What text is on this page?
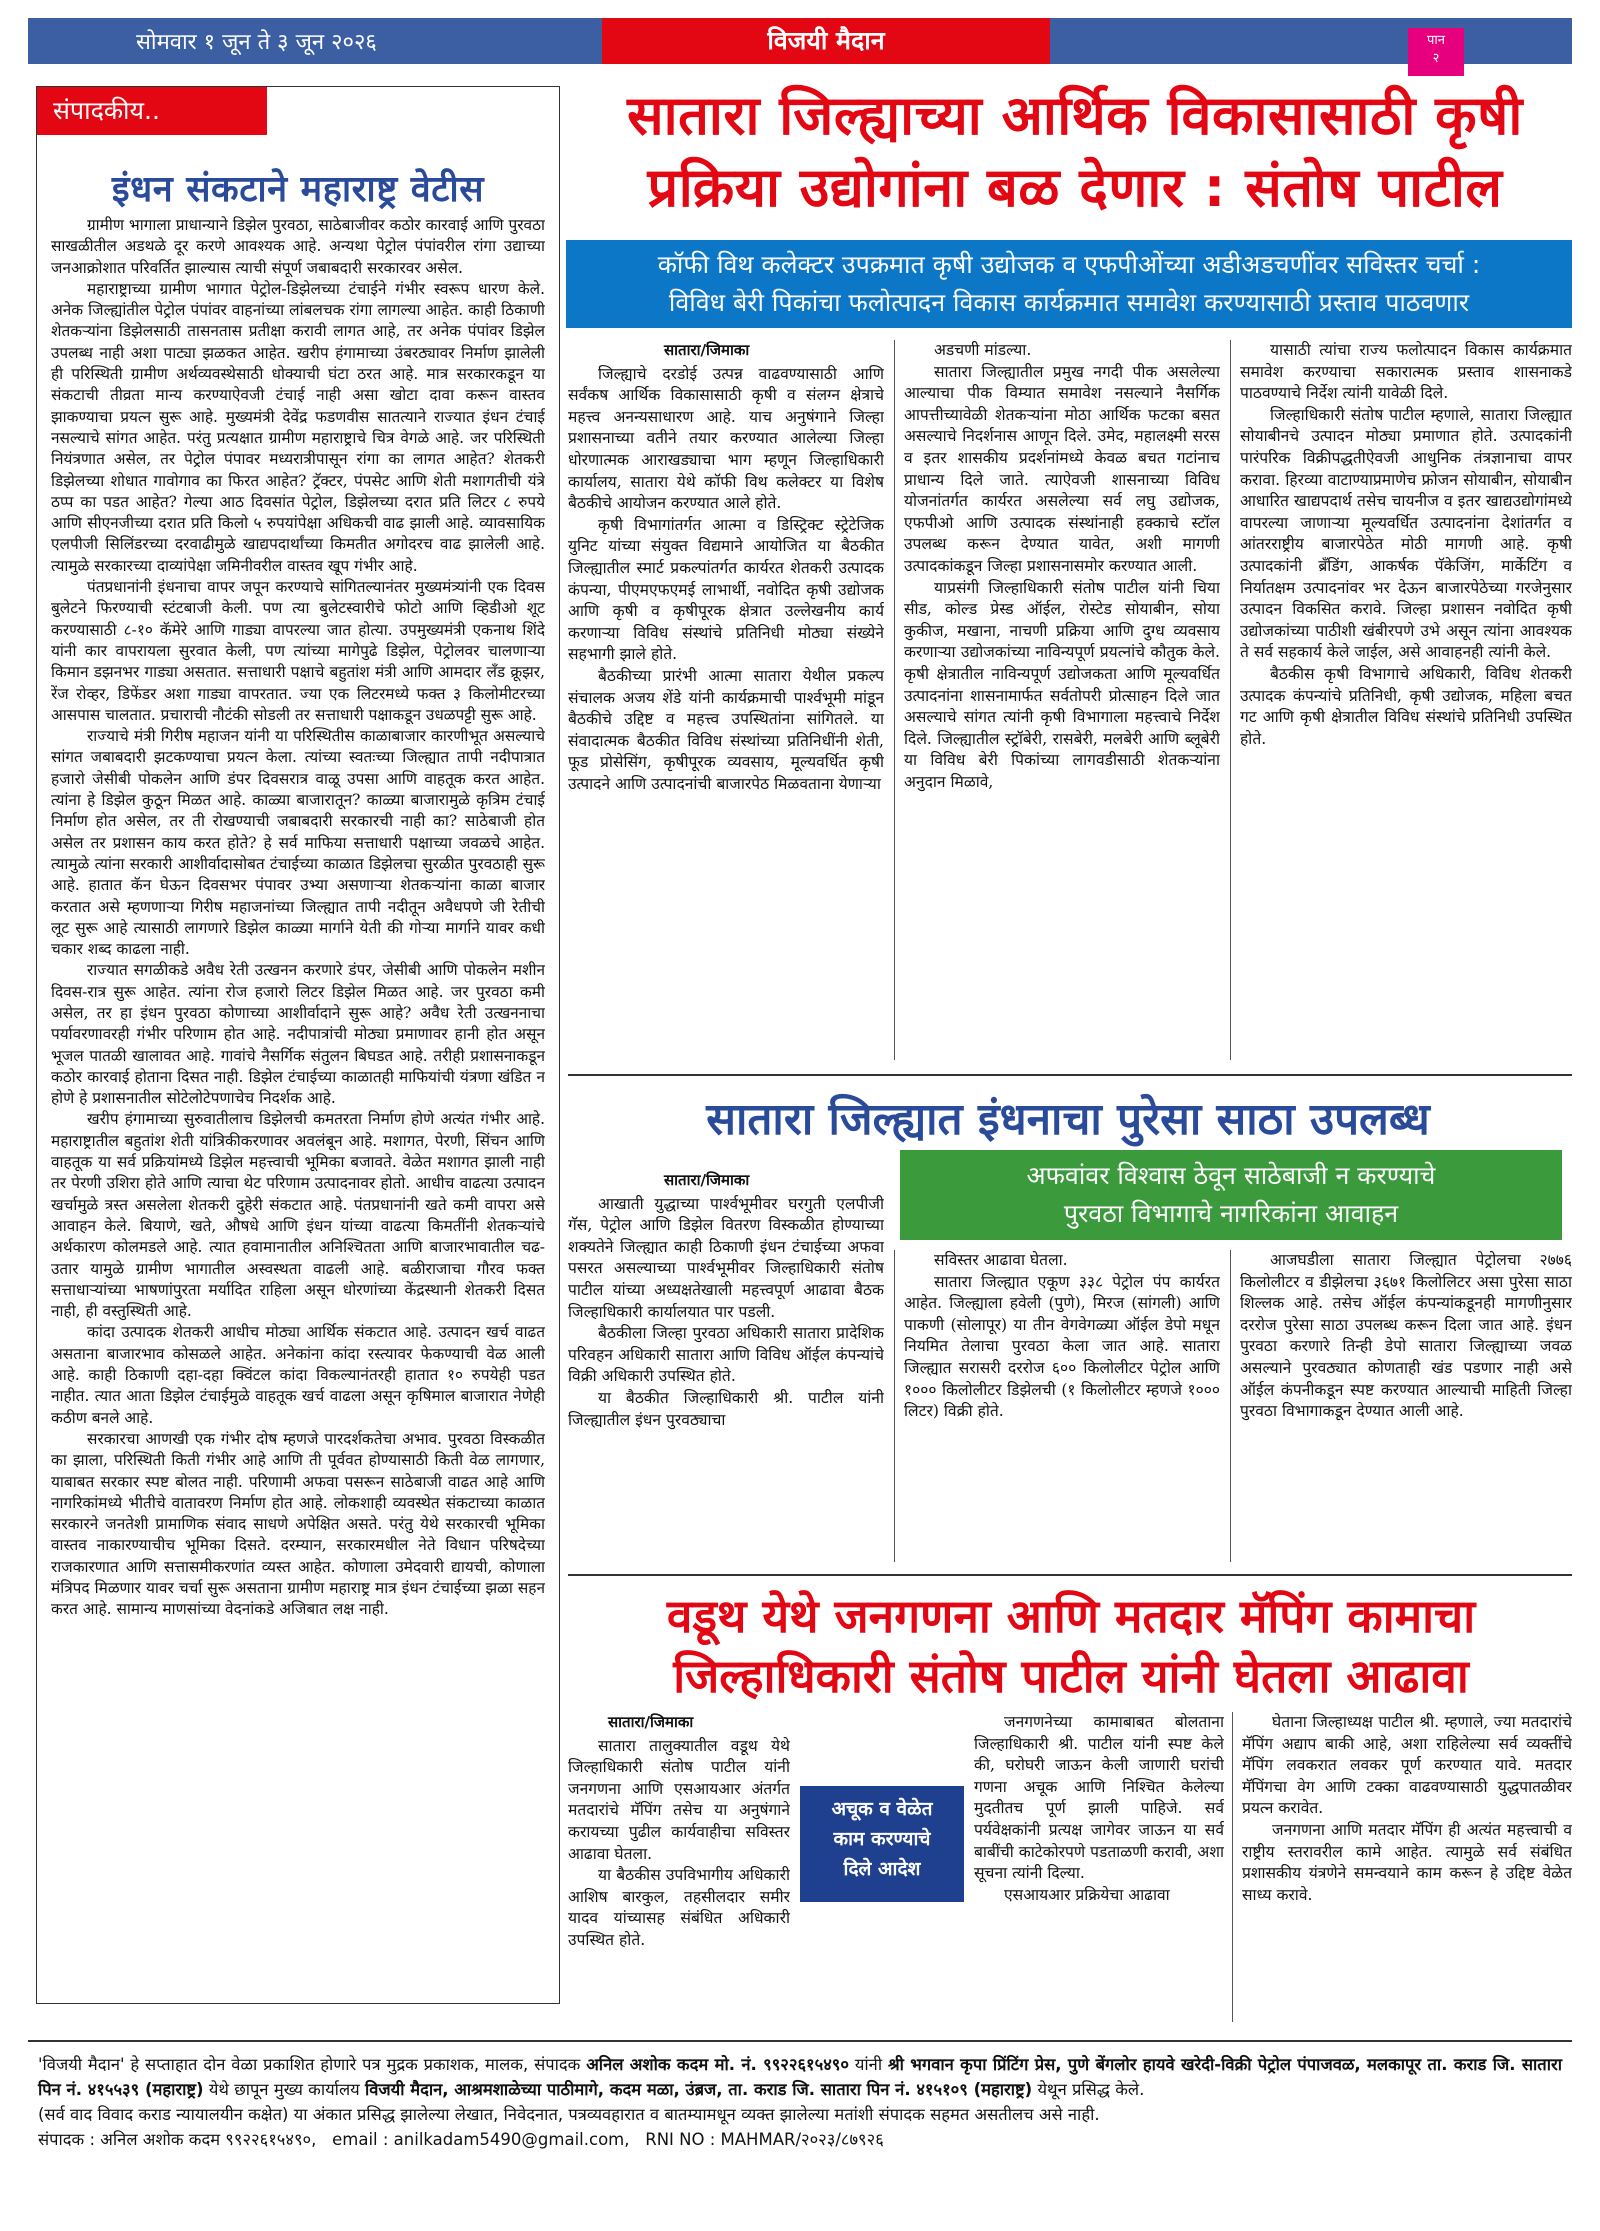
सोमवार १ जून ते ३ जून २०२६	विजयी मैदान	पान
२
संपादकीय..
इंधन संकटाने महाराष्ट्र वेटीस

ग्रामीण भागाला प्राधान्याने डिझेल पुरवठा, साठेबाजीवर कठोर कारवाई आणि पुरवठा साखळीतील अडथळे दूर करणे आवश्यक आहे. अन्यथा पेट्रोल पंपांवरील रांगा उद्याच्या जनआक्रोशात परिवर्तित झाल्यास त्याची संपूर्ण जबाबदारी सरकारवर असेल.

महाराष्ट्राच्या ग्रामीण भागात पेट्रोल-डिझेलच्या टंचाईने गंभीर स्वरूप धारण केले. अनेक जिल्ह्यांतील पेट्रोल पंपांवर वाहनांच्या लांबलचक रांगा लागल्या आहेत. काही ठिकाणी शेतकऱ्यांना डिझेलसाठी तासनतास प्रतीक्षा करावी लागत आहे, तर अनेक पंपांवर डिझेल उपलब्ध नाही अशा पाट्या झळकत आहेत. खरीप हंगामाच्या उंबरठ्यावर निर्माण झालेली ही परिस्थिती ग्रामीण अर्थव्यवस्थेसाठी धोक्याची घंटा ठरत आहे. मात्र सरकारकडून या संकटाची तीव्रता मान्य करण्याऐवजी टंचाई नाही असा खोटा दावा करून वास्तव झाकण्याचा प्रयत्न सुरू आहे. मुख्यमंत्री देवेंद्र फडणवीस सातत्याने राज्यात इंधन टंचाई नसल्याचे सांगत आहेत. परंतु प्रत्यक्षात ग्रामीण महाराष्ट्राचे चित्र वेगळे आहे. जर परिस्थिती नियंत्रणात असेल, तर पेट्रोल पंपावर मध्यरात्रीपासून रांगा का लागत आहेत? शेतकरी डिझेलच्या शोधात गावोगाव का फिरत आहेत? ट्रॅक्टर, पंपसेट आणि शेती मशागतीची यंत्रे ठप्प का पडत आहेत? गेल्या आठ दिवसांत पेट्रोल, डिझेलच्या दरात प्रति लिटर ८ रुपये आणि सीएनजीच्या दरात प्रति किलो ५ रुपयांपेक्षा अधिकची वाढ झाली आहे. व्यावसायिक एलपीजी सिलिंडरच्या दरवाढीमुळे खाद्यपदार्थांच्या किमतीत अगोदरच वाढ झालेली आहे. त्यामुळे सरकारच्या दाव्यांपेक्षा जमिनीवरील वास्तव खूप गंभीर आहे.

पंतप्रधानांनी इंधनाचा वापर जपून करण्याचे सांगितल्यानंतर मुख्यमंत्र्यांनी एक दिवस बुलेटने फिरण्याची स्टंटबाजी केली. पण त्या बुलेटस्वारीचे फोटो आणि व्हिडीओ शूट करण्यासाठी ८-१० कॅमेरे आणि गाड्या वापरल्या जात होत्या. उपमुख्यमंत्री एकनाथ शिंदे यांनी कार वापरायला सुरवात केली, पण त्यांच्या मागेपुढे डिझेल, पेट्रोलवर चालणाऱ्या किमान डझनभर गाड्या असतात. सत्ताधारी पक्षाचे बहुतांश मंत्री आणि आमदार लँड क्रूझर, रेंज रोव्हर, डिफेंडर अशा गाड्या वापरतात. ज्या एक लिटरमध्ये फक्त ३ किलोमीटरच्या आसपास चालतात. प्रचाराची नौटंकी सोडली तर सत्ताधारी पक्षाकडून उधळपट्टी सुरू आहे.

राज्याचे मंत्री गिरीष महाजन यांनी या परिस्थितीस काळाबाजार कारणीभूत असल्याचे सांगत जबाबदारी झटकण्याचा प्रयत्न केला. त्यांच्या स्वतःच्या जिल्ह्यात तापी नदीपात्रात हजारो जेसीबी पोकलेन आणि डंपर दिवसरात्र वाळू उपसा आणि वाहतूक करत आहेत. त्यांना हे डिझेल कुठून मिळत आहे. काळ्या बाजारातून? काळ्या बाजारामुळे कृत्रिम टंचाई निर्माण होत असेल, तर ती रोखण्याची जबाबदारी सरकारची नाही का? साठेबाजी होत असेल तर प्रशासन काय करत होते? हे सर्व माफिया सत्ताधारी पक्षाच्या जवळचे आहेत. त्यामुळे त्यांना सरकारी आशीर्वादासोबत टंचाईच्या काळात डिझेलचा सुरळीत पुरवठाही सुरू आहे. हातात कॅन घेऊन दिवसभर पंपावर उभ्या असणाऱ्या शेतकऱ्यांना काळा बाजार करतात असे म्हणणाऱ्या गिरीष महाजनांच्या जिल्ह्यात तापी नदीतून अवैधपणे जी रेतीची लूट सुरू आहे त्यासाठी लागणारे डिझेल काळ्या मार्गाने येती की गोऱ्या मार्गाने यावर कधी चकार शब्द काढला नाही.

राज्यात सगळीकडे अवैध रेती उत्खनन करणारे डंपर, जेसीबी आणि पोकलेन मशीन दिवस-रात्र सुरू आहेत. त्यांना रोज हजारो लिटर डिझेल मिळत आहे. जर पुरवठा कमी असेल, तर हा इंधन पुरवठा कोणाच्या आशीर्वादाने सुरू आहे? अवैध रेती उत्खननाचा पर्यावरणावरही गंभीर परिणाम होत आहे. नदीपात्रांची मोठ्या प्रमाणावर हानी होत असून भूजल पातळी खालावत आहे. गावांचे नैसर्गिक संतुलन बिघडत आहे. तरीही प्रशासनाकडून कठोर कारवाई होताना दिसत नाही. डिझेल टंचाईच्या काळातही माफियांची यंत्रणा खंडित न होणे हे प्रशासनातील सोटेलोटेपणाचेच निदर्शक आहे.

खरीप हंगामाच्या सुरुवातीलाच डिझेलची कमतरता निर्माण होणे अत्यंत गंभीर आहे. महाराष्ट्रातील बहुतांश शेती यांत्रिकीकरणावर अवलंबून आहे. मशागत, पेरणी, सिंचन आणि वाहतूक या सर्व प्रक्रियांमध्ये डिझेल महत्त्वाची भूमिका बजावते. वेळेत मशागत झाली नाही तर पेरणी उशिरा होते आणि त्याचा थेट परिणाम उत्पादनावर होतो. आधीच वाढत्या उत्पादन खर्चामुळे त्रस्त असलेला शेतकरी दुहेरी संकटात आहे. पंतप्रधानांनी खते कमी वापरा असे आवाहन केले. बियाणे, खते, औषधे आणि इंधन यांच्या वाढत्या किमतींनी शेतकऱ्यांचे अर्थकारण कोलमडले आहे. त्यात हवामानातील अनिश्चितता आणि बाजारभावातील चढ-उतार यामुळे ग्रामीण भागातील अस्वस्थता वाढली आहे. बळीराजाचा गौरव फक्त सत्ताधाऱ्यांच्या भाषणांपुरता मर्यादित राहिला असून धोरणांच्या केंद्रस्थानी शेतकरी दिसत नाही, ही वस्तुस्थिती आहे.

कांदा उत्पादक शेतकरी आधीच मोठ्या आर्थिक संकटात आहे. उत्पादन खर्च वाढत असताना बाजारभाव कोसळले आहेत. अनेकांना कांदा रस्त्यावर फेकण्याची वेळ आली आहे. काही ठिकाणी दहा-दहा क्विंटल कांदा विकल्यानंतरही हातात १० रुपयेही पडत नाहीत. त्यात आता डिझेल टंचाईमुळे वाहतूक खर्च वाढला असून कृषिमाल बाजारात नेणेही कठीण बनले आहे.

सरकारचा आणखी एक गंभीर दोष म्हणजे पारदर्शकतेचा अभाव. पुरवठा विस्कळीत का झाला, परिस्थिती किती गंभीर आहे आणि ती पूर्ववत होण्यासाठी किती वेळ लागणार, याबाबत सरकार स्पष्ट बोलत नाही. परिणामी अफवा पसरून साठेबाजी वाढत आहे आणि नागरिकांमध्ये भीतीचे वातावरण निर्माण होत आहे. लोकशाही व्यवस्थेत संकटाच्या काळात सरकारने जनतेशी प्रामाणिक संवाद साधणे अपेक्षित असते. परंतु येथे सरकारची भूमिका वास्तव नाकारण्याचीच भूमिका दिसते. दरम्यान, सरकारमधील नेते विधान परिषदेच्या राजकारणात आणि सत्तासमीकरणांत व्यस्त आहेत. कोणाला उमेदवारी द्यायची, कोणाला मंत्रिपद मिळणार यावर चर्चा सुरू असताना ग्रामीण महाराष्ट्र मात्र इंधन टंचाईच्या झळा सहन करत आहे. सामान्य माणसांच्या वेदनांकडे अजिबात लक्ष नाही.

सातारा जिल्ह्याच्या आर्थिक विकासासाठी कृषी
प्रक्रिया उद्योगांना बळ देणार : संतोष पाटील
कॉफी विथ कलेक्टर उपक्रमात कृषी उद्योजक व एफपीओंच्या अडीअडचणींवर सविस्तर चर्चा :
विविध बेरी पिकांचा फलोत्पादन विकास कार्यक्रमात समावेश करण्यासाठी प्रस्ताव पाठवणार

सातारा/जिमाका

जिल्ह्याचे दरडोई उत्पन्न वाढवण्यासाठी आणि सर्वंकष आर्थिक विकासासाठी कृषी व संलग्न क्षेत्राचे महत्त्व अनन्यसाधारण आहे. याच अनुषंगाने जिल्हा प्रशासनाच्या वतीने तयार करण्यात आलेल्या जिल्हा धोरणात्मक आराखड्याचा भाग म्हणून जिल्हाधिकारी कार्यालय, सातारा येथे कॉफी विथ कलेक्टर या विशेष बैठकीचे आयोजन करण्यात आले होते.

कृषी विभागांतर्गत आत्मा व डिस्ट्रिक्ट स्ट्रेटेजिक युनिट यांच्या संयुक्त विद्यमाने आयोजित या बैठकीत जिल्ह्यातील स्मार्ट प्रकल्पांतर्गत कार्यरत शेतकरी उत्पादक कंपन्या, पीएमएफएमई लाभार्थी, नवोदित कृषी उद्योजक आणि कृषी व कृषीपूरक क्षेत्रात उल्लेखनीय कार्य करणाऱ्या विविध संस्थांचे प्रतिनिधी मोठ्या संख्येने सहभागी झाले होते.

बैठकीच्या प्रारंभी आत्मा सातारा येथील प्रकल्प संचालक अजय शेंडे यांनी कार्यक्रमाची पार्श्वभूमी मांडून बैठकीचे उद्दिष्ट व महत्त्व उपस्थितांना सांगितले. या संवादात्मक बैठकीत विविध संस्थांच्या प्रतिनिधींनी शेती, फूड प्रोसेसिंग, कृषीपूरक व्यवसाय, मूल्यवर्धित कृषी उत्पादने आणि उत्पादनांची बाजारपेठ मिळवताना येणाऱ्या

अडचणी मांडल्या.

सातारा जिल्ह्यातील प्रमुख नगदी पीक असलेल्या आल्याचा पीक विम्यात समावेश नसल्याने नैसर्गिक आपत्तीच्यावेळी शेतकऱ्यांना मोठा आर्थिक फटका बसत असल्याचे निदर्शनास आणून दिले. उमेद, महालक्ष्मी सरस व इतर शासकीय प्रदर्शनांमध्ये केवळ बचत गटांनाच प्राधान्य दिले जाते. त्याऐवजी शासनाच्या विविध योजनांतर्गत कार्यरत असलेल्या सर्व लघु उद्योजक, एफपीओ आणि उत्पादक संस्थांनाही हक्काचे स्टॉल उपलब्ध करून देण्यात यावेत, अशी मागणी उत्पादकांकडून जिल्हा प्रशासनासमोर करण्यात आली.

याप्रसंगी जिल्हाधिकारी संतोष पाटील यांनी चिया सीड, कोल्ड प्रेस्ड ऑईल, रोस्टेड सोयाबीन, सोया कुकीज, मखाना, नाचणी प्रक्रिया आणि दुग्ध व्यवसाय करणाऱ्या उद्योजकांच्या नाविन्यपूर्ण प्रयत्नांचे कौतुक केले. कृषी क्षेत्रातील नाविन्यपूर्ण उद्योजकता आणि मूल्यवर्धित उत्पादनांना शासनामार्फत सर्वतोपरी प्रोत्साहन दिले जात असल्याचे सांगत त्यांनी कृषी विभागाला महत्त्वाचे निर्देश दिले. जिल्ह्यातील स्ट्रॉबेरी, रासबेरी, मलबेरी आणि ब्लूबेरी या विविध बेरी पिकांच्या लागवडीसाठी शेतकऱ्यांना अनुदान मिळावे,

यासाठी त्यांचा राज्य फलोत्पादन विकास कार्यक्रमात समावेश करण्याचा सकारात्मक प्रस्ताव शासनाकडे पाठवण्याचे निर्देश त्यांनी यावेळी दिले.

जिल्हाधिकारी संतोष पाटील म्हणाले, सातारा जिल्ह्यात सोयाबीनचे उत्पादन मोठ्या प्रमाणात होते. उत्पादकांनी पारंपरिक विक्रीपद्धतीऐवजी आधुनिक तंत्रज्ञानाचा वापर करावा. हिरव्या वाटाण्याप्रमाणेच फ्रोजन सोयाबीन, सोयाबीन आधारित खाद्यपदार्थ तसेच चायनीज व इतर खाद्यउद्योगांमध्ये वापरल्या जाणाऱ्या मूल्यवर्धित उत्पादनांना देशांतर्गत व आंतरराष्ट्रीय बाजारपेठेत मोठी मागणी आहे. कृषी उत्पादकांनी ब्रँडिंग, आकर्षक पॅकेजिंग, मार्केटिंग व निर्यातक्षम उत्पादनांवर भर देऊन बाजारपेठेच्या गरजेनुसार उत्पादन विकसित करावे. जिल्हा प्रशासन नवोदित कृषी उद्योजकांच्या पाठीशी खंबीरपणे उभे असून त्यांना आवश्यक ते सर्व सहकार्य केले जाईल, असे आवाहनही त्यांनी केले.

बैठकीस कृषी विभागाचे अधिकारी, विविध शेतकरी उत्पादक कंपन्यांचे प्रतिनिधी, कृषी उद्योजक, महिला बचत गट आणि कृषी क्षेत्रातील विविध संस्थांचे प्रतिनिधी उपस्थित होते.

सातारा जिल्ह्यात इंधनाचा पुरेसा साठा उपलब्ध
अफवांवर विश्वास ठेवून साठेबाजी न करण्याचे
पुरवठा विभागाचे नागरिकांना आवाहन

सातारा/जिमाका

आखाती युद्धाच्या पार्श्वभूमीवर घरगुती एलपीजी गॅस, पेट्रोल आणि डिझेल वितरण विस्कळीत होण्याच्या शक्यतेने जिल्ह्यात काही ठिकाणी इंधन टंचाईच्या अफवा पसरत असल्याच्या पार्श्वभूमीवर जिल्हाधिकारी संतोष पाटील यांच्या अध्यक्षतेखाली महत्त्वपूर्ण आढावा बैठक जिल्हाधिकारी कार्यालयात पार पडली.

बैठकीला जिल्हा पुरवठा अधिकारी सातारा प्रादेशिक परिवहन अधिकारी सातारा आणि विविध ऑईल कंपन्यांचे विक्री अधिकारी उपस्थित होते.

या बैठकीत जिल्हाधिकारी श्री. पाटील यांनी जिल्ह्यातील इंधन पुरवठ्याचा

सविस्तर आढावा घेतला.

सातारा जिल्ह्यात एकूण ३३८ पेट्रोल पंप कार्यरत आहेत. जिल्ह्याला हवेली (पुणे), मिरज (सांगली) आणि पाकणी (सोलापूर) या तीन वेगवेगळ्या ऑईल डेपो मधून नियमित तेलाचा पुरवठा केला जात आहे. सातारा जिल्ह्यात सरासरी दररोज ६०० किलोलीटर पेट्रोल आणि १००० किलोलीटर डिझेलची (१ किलोलीटर म्हणजे १००० लिटर) विक्री होते.

आजघडीला सातारा जिल्ह्यात पेट्रोलचा २७७६ किलोलीटर व डीझेलचा ३६७१ किलोलिटर असा पुरेसा साठा शिल्लक आहे. तसेच ऑईल कंपन्यांकडूनही मागणीनुसार दररोज पुरेसा साठा उपलब्ध करून दिला जात आहे. इंधन पुरवठा करणारे तिन्ही डेपो सातारा जिल्ह्याच्या जवळ असल्याने पुरवठ्यात कोणताही खंड पडणार नाही असे ऑईल कंपनीकडून स्पष्ट करण्यात आल्याची माहिती जिल्हा पुरवठा विभागाकडून देण्यात आली आहे.

वडूथ येथे जनगणना आणि मतदार मॅपिंग कामाचा
जिल्हाधिकारी संतोष पाटील यांनी घेतला आढावा

सातारा/जिमाका

सातारा तालुक्यातील वडूथ येथे जिल्हाधिकारी संतोष पाटील यांनी जनगणना आणि एसआयआर अंतर्गत मतदारांचे मॅपिंग तसेच या अनुषंगाने करायच्या पुढील कार्यवाहीचा सविस्तर आढावा घेतला.

या बैठकीस उपविभागीय अधिकारी आशिष बारकुल, तहसीलदार समीर यादव यांच्यासह संबंधित अधिकारी उपस्थित होते.

अचूक व वेळेत
काम करण्याचे
दिले आदेश

जनगणनेच्या कामाबाबत बोलताना जिल्हाधिकारी श्री. पाटील यांनी स्पष्ट केले की, घरोघरी जाऊन केली जाणारी घरांची गणना अचूक आणि निश्चित केलेल्या मुदतीतच पूर्ण झाली पाहिजे. सर्व पर्यवेक्षकांनी प्रत्यक्ष जागेवर जाऊन या सर्व बाबींची काटेकोरपणे पडताळणी करावी, अशा सूचना त्यांनी दिल्या.

एसआयआर प्रक्रियेचा आढावा

घेताना जिल्हाध्यक्ष पाटील श्री. म्हणाले, ज्या मतदारांचे मॅपिंग अद्याप बाकी आहे, अशा राहिलेल्या सर्व व्यक्तींचे मॅपिंग लवकरात लवकर पूर्ण करण्यात यावे. मतदार मॅपिंगचा वेग आणि टक्का वाढवण्यासाठी युद्धपातळीवर प्रयत्न करावेत.

जनगणना आणि मतदार मॅपिंग ही अत्यंत महत्त्वाची व राष्ट्रीय स्तरावरील कामे आहेत. त्यामुळे सर्व संबंधित प्रशासकीय यंत्रणेने समन्वयाने काम करून हे उद्दिष्ट वेळेत साध्य करावे.

'विजयी मैदान' हे सप्ताहात दोन वेळा प्रकाशित होणारे पत्र मुद्रक प्रकाशक, मालक, संपादक अनिल अशोक कदम मो. नं. ९९२२६१५४९० यांनी श्री भगवान कृपा प्रिंटिंग प्रेस, पुणे बेंगलोर हायवे खरेदी-विक्री पेट्रोल पंपाजवळ, मलकापूर ता. कराड जि. सातारा पिन नं. ४१५५३९ (महाराष्ट्र) येथे छापून मुख्य कार्यालय विजयी मैदान, आश्रमशाळेच्या पाठीमागे, कदम मळा, उंब्रज, ता. कराड जि. सातारा पिन नं. ४१५१०९ (महाराष्ट्र) येथून प्रसिद्ध केले.
(सर्व वाद विवाद कराड न्यायालयीन कक्षेत) या अंकात प्रसिद्ध झालेल्या लेखात, निवेदनात, पत्रव्यवहारात व बातम्यामधून व्यक्त झालेल्या मतांशी संपादक सहमत असतीलच असे नाही.
संपादक : अनिल अशोक कदम ९९२२६१५४९०, email : anilkadam5490@gmail.com, RNI NO : MAHMAR/२०२३/८७९२६
